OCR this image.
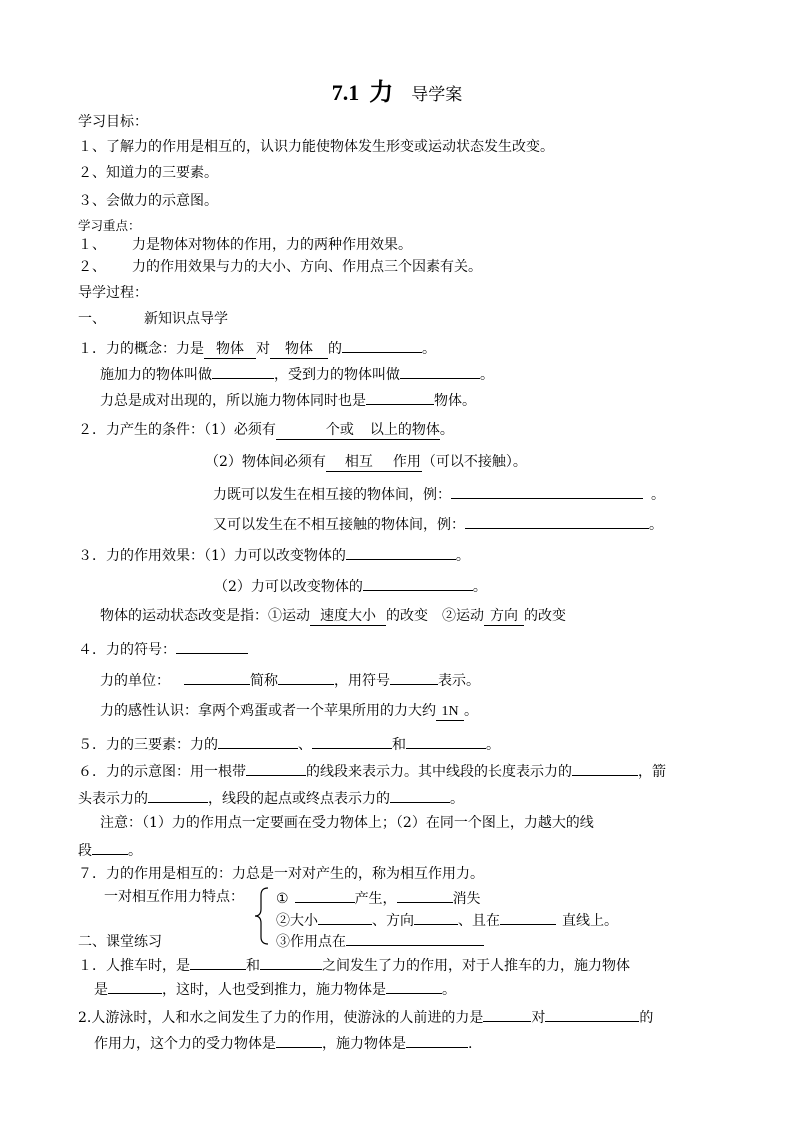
7.1 力 导学案
学习目标：
１、了解力的作用是相互的，认识力能使物体发生形变或运动状态发生改变。
２、知道力的三要素。
３、会做力的示意图。
学习重点：
１、 力是物体对物体的作用，力的两种作用效果。
２、 力的作用效果与力的大小、方向、作用点三个因素有关。
导学过程：
一、	新知识点导学
１．力的概念：力是 物体 对 物体 的	。
施加力的物体叫做	，受到力的物体叫做	。
力总是成对出现的，所以施力物体同时也是	物体。
２．力产生的条件：（1）必须有	个或 以上的物体。
（2）物体间必须有 相互 作用（可以不接触）。
力既可以发生在相互接的物体间，例：	。
又可以发生在不相互接触的物体间，例：	。
３．力的作用效果：（1）力可以改变物体的	。
（2）力可以改变物体的	。
物体的运动状态改变是指：①运动 速度大小 的改变　②运动 方向 的改变
４．力的符号：
力的单位：	简称	，用符号	表示。
力的感性认识：拿两个鸡蛋或者一个苹果所用的力大约 1N 。
５．力的三要素：力的	、	和	。
６．力的示意图：用一根带	的线段来表示力。其中线段的长度表示力的	，箭
头表示力的	，线段的起点或终点表示力的	。
注意：（1）力的作用点一定要画在受力物体上；（2）在同一个图上，力越大的线
段	。
７．力的作用是相互的：力总是一对对产生的，称为相互作用力。
一对相互作用力特点： ①	产生，	消失
②大小	、方向	、且在	直线上。
③作用点在
二、课堂练习
１．人推车时，是	和	之间发生了力的作用，对于人推车的力，施力物体
是	，这时，人也受到推力，施力物体是	。
2.人游泳时，人和水之间发生了力的作用，使游泳的人前进的力是	对	的
作用力，这个力的受力物体是	，施力物体是	.
